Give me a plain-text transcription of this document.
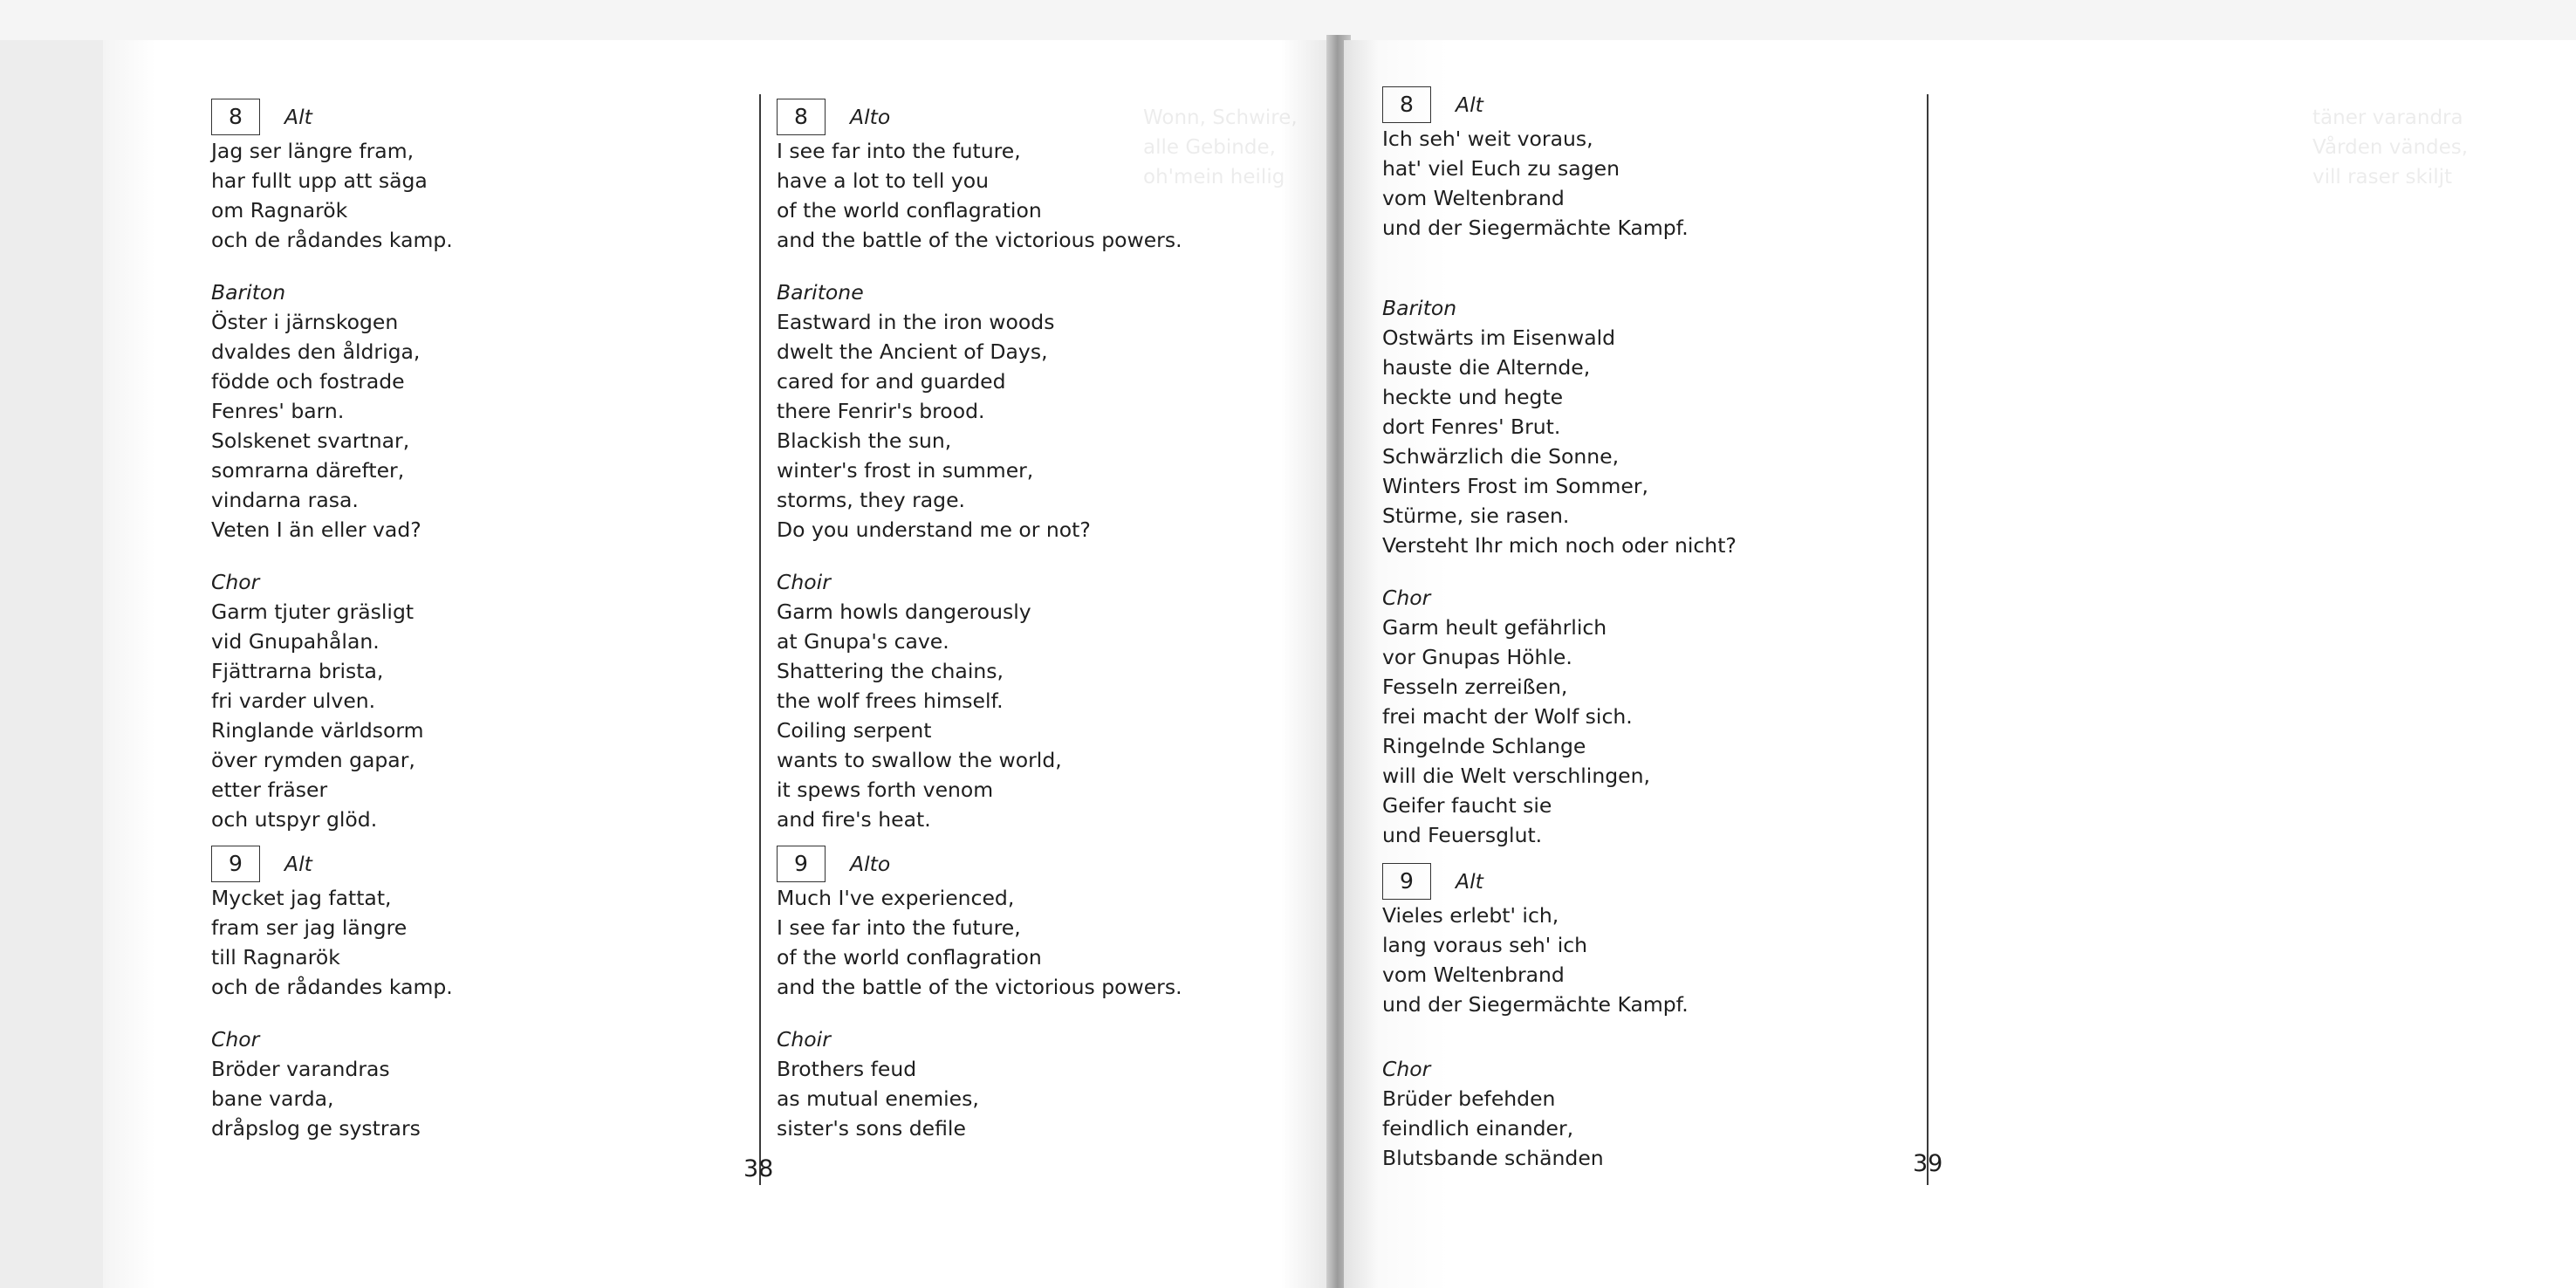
Wonn, Schwire,
alle Gebinde,
oh'mein heilig
8	Alt

Jag ser längre fram,

har fullt upp att säga

om Ragnarök

och de rådandes kamp.

Bariton

Öster i järnskogen

dvaldes den åldriga,

födde och fostrade

Fenres' barn.

Solskenet svartnar,

somrarna därefter,

vindarna rasa.

Veten I än eller vad?

Chor

Garm tjuter gräsligt

vid Gnupahålan.

Fjättrarna brista,

fri varder ulven.

Ringlande världsorm

över rymden gapar,

etter fräser

och utspyr glöd.

9	Alt

Mycket jag fattat,

fram ser jag längre

till Ragnarök

och de rådandes kamp.

Chor

Bröder varandras

bane varda,

dråpslog ge systrars

8	Alto

I see far into the future,

have a lot to tell you

of the world conflagration

and the battle of the victorious powers.

Baritone

Eastward in the iron woods

dwelt the Ancient of Days,

cared for and guarded

there Fenrir's brood.

Blackish the sun,

winter's frost in summer,

storms, they rage.

Do you understand me or not?

Choir

Garm howls dangerously

at Gnupa's cave.

Shattering the chains,

the wolf frees himself.

Coiling serpent

wants to swallow the world,

it spews forth venom

and fire's heat.

9	Alto

Much I've experienced,

I see far into the future,

of the world conflagration

and the battle of the victorious powers.

Choir

Brothers feud

as mutual enemies,

sister's sons defile

38
täner varandra
Vården vändes,
vill raser skiljt
8	Alt

Ich seh' weit voraus,

hat' viel Euch zu sagen

vom Weltenbrand

und der Siegermächte Kampf.

Bariton

Ostwärts im Eisenwald

hauste die Alternde,

heckte und hegte

dort Fenres' Brut.

Schwärzlich die Sonne,

Winters Frost im Sommer,

Stürme, sie rasen.

Versteht Ihr mich noch oder nicht?

Chor

Garm heult gefährlich

vor Gnupas Höhle.

Fesseln zerreißen,

frei macht der Wolf sich.

Ringelnde Schlange

will die Welt verschlingen,

Geifer faucht sie

und Feuersglut.

9	Alt

Vieles erlebt' ich,

lang voraus seh' ich

vom Weltenbrand

und der Siegermächte Kampf.

Chor

Brüder befehden

feindlich einander,

Blutsbande schänden	39
